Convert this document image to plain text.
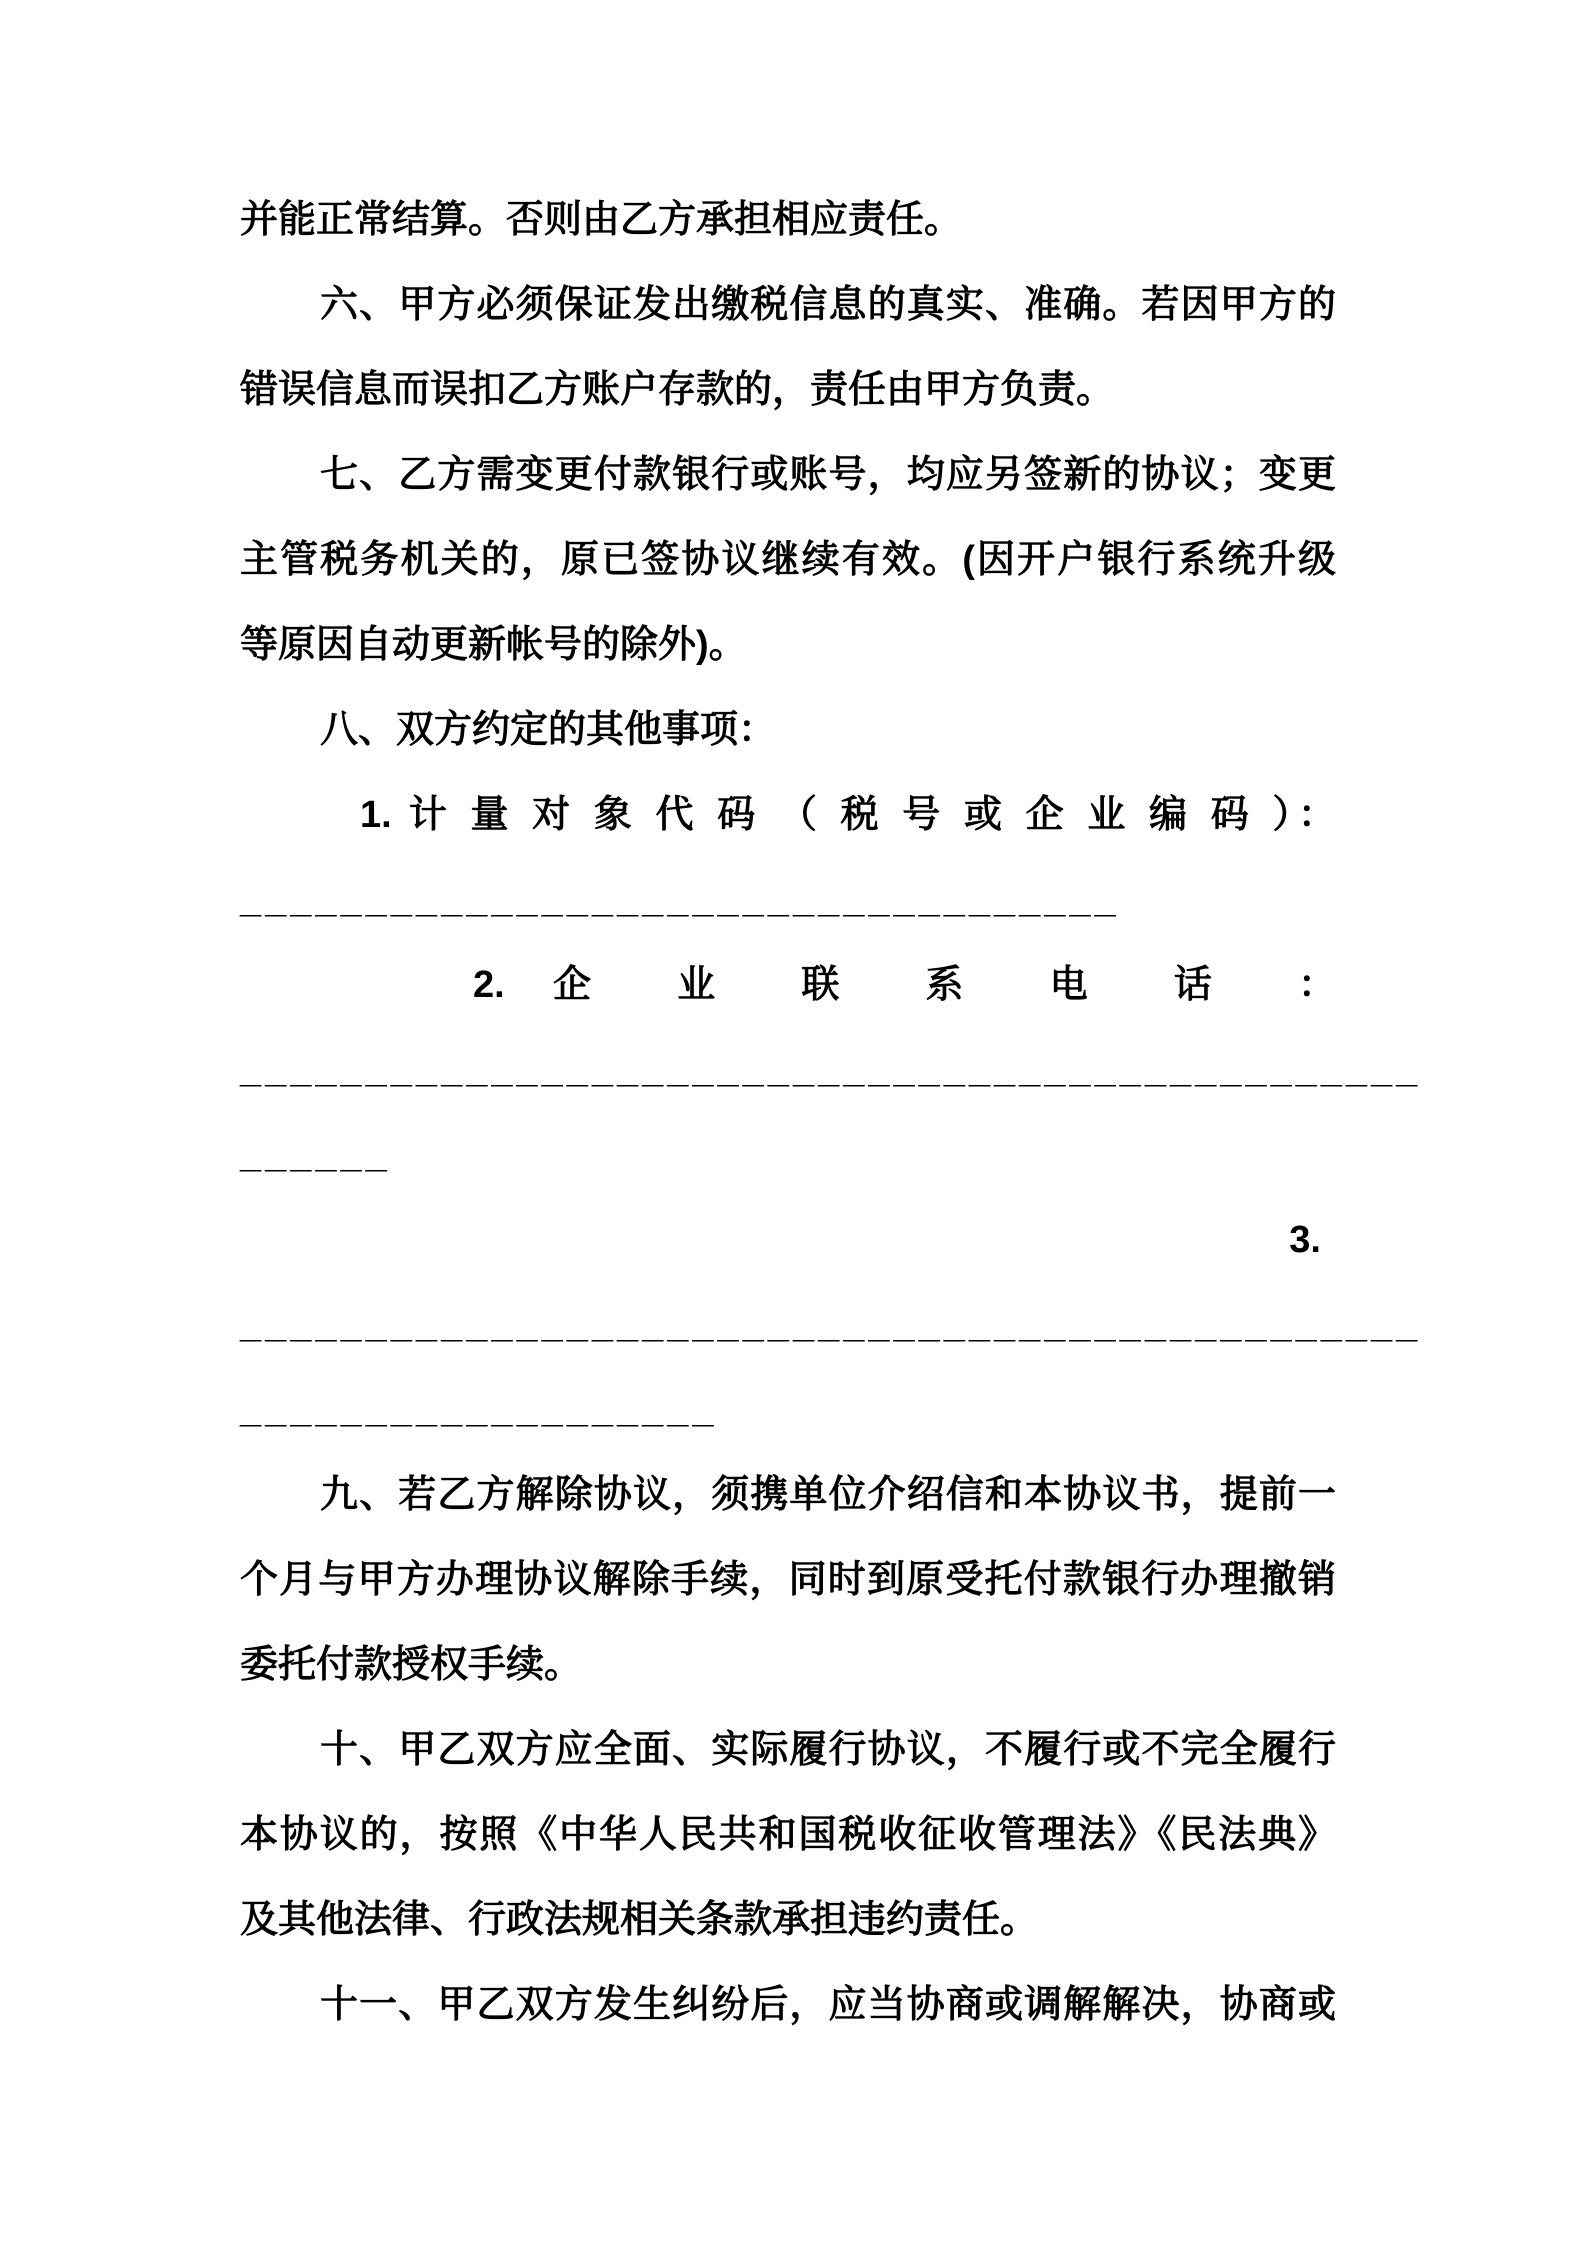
并能正常结算。否则由乙方承担相应责任。

六、甲方必须保证发出缴税信息的真实、准确。若因甲方的

错误信息而误扣乙方账户存款的，责任由甲方负责。

七、乙方需变更付款银行或账号，均应另签新的协议；变更

主管税务机关的，原已签协议继续有效。(因开户银行系统升级

等原因自动更新帐号的除外)。

八、双方约定的其他事项：

1. 计 量 对 象 代 码 （ 税 号 或 企 业 编 码 ）：

___________________________________

2. 企 业 联 系 电 话 ：

_______________________________________________

______

3.

_______________________________________________

___________________

九、若乙方解除协议，须携单位介绍信和本协议书，提前一

个月与甲方办理协议解除手续，同时到原受托付款银行办理撤销

委托付款授权手续。

十、甲乙双方应全面、实际履行协议，不履行或不完全履行

本协议的，按照《中华人民共和国税收征收管理法》《民法典》

及其他法律、行政法规相关条款承担违约责任。

十一、甲乙双方发生纠纷后，应当协商或调解解决，协商或
